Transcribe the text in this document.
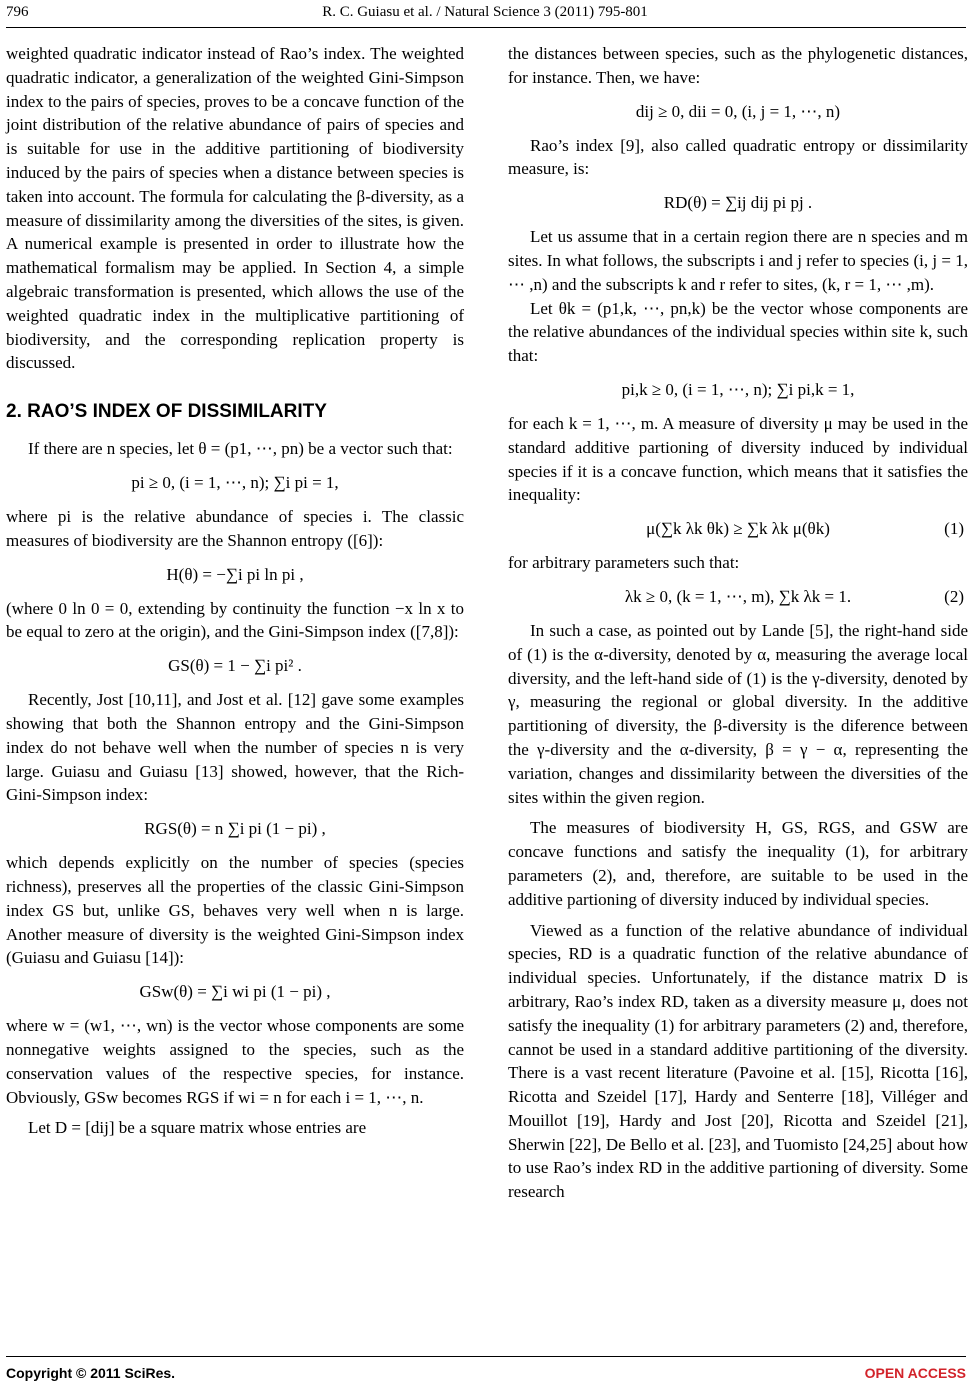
796	R. C. Guiasu et al. / Natural Science 3 (2011) 795-801

weighted quadratic indicator instead of Rao’s index. The weighted quadratic indicator, a generalization of the weighted Gini-Simpson index to the pairs of species, proves to be a concave function of the joint distribution of the relative abundance of pairs of species and is suitable for use in the additive partitioning of biodiversity induced by the pairs of species when a distance between species is taken into account. The formula for calculating the β-diversity, as a measure of dissimilarity among the diversities of the sites, is given. A numerical example is presented in order to illustrate how the mathematical formalism may be applied. In Section 4, a simple algebraic transformation is presented, which allows the use of the weighted quadratic index in the multiplicative partitioning of biodiversity, and the corresponding replication property is discussed.

2. RAO’S INDEX OF DISSIMILARITY

If there are n species, let θ = (p1, ⋯, pn) be a vector such that:

pi ≥ 0, (i = 1, ⋯, n); ∑i pi = 1,

where pi is the relative abundance of species i. The classic measures of biodiversity are the Shannon entropy ([6]):

H(θ) = −∑i pi ln pi ,

(where 0 ln 0 = 0, extending by continuity the function −x ln x to be equal to zero at the origin), and the Gini-Simpson index ([7,8]):

GS(θ) = 1 − ∑i pi² .

Recently, Jost [10,11], and Jost et al. [12] gave some examples showing that both the Shannon entropy and the Gini-Simpson index do not behave well when the number of species n is very large. Guiasu and Guiasu [13] showed, however, that the Rich-Gini-Simpson index:

RGS(θ) = n ∑i pi (1 − pi) ,

which depends explicitly on the number of species (species richness), preserves all the properties of the classic Gini-Simpson index GS but, unlike GS, behaves very well when n is large. Another measure of diversity is the weighted Gini-Simpson index (Guiasu and Guiasu [14]):

GSw(θ) = ∑i wi pi (1 − pi) ,

where w = (w1, ⋯, wn) is the vector whose components are some nonnegative weights assigned to the species, such as the conservation values of the respective species, for instance. Obviously, GSw becomes RGS if wi = n for each i = 1, ⋯, n.

Let D = [dij] be a square matrix whose entries are

the distances between species, such as the phylogenetic distances, for instance. Then, we have:

dij ≥ 0, dii = 0, (i, j = 1, ⋯, n)

Rao’s index [9], also called quadratic entropy or dissimilarity measure, is:

RD(θ) = ∑ij dij pi pj .

Let us assume that in a certain region there are n species and m sites. In what follows, the subscripts i and j refer to species (i, j = 1, ⋯ ,n) and the subscripts k and r refer to sites, (k, r = 1, ⋯ ,m).

Let θk = (p1,k, ⋯, pn,k) be the vector whose components are the relative abundances of the individual species within site k, such that:

pi,k ≥ 0, (i = 1, ⋯, n); ∑i pi,k = 1,

for each k = 1, ⋯, m. A measure of diversity μ may be used in the standard additive partioning of diversity induced by individual species if it is a concave function, which means that it satisfies the inequality:

μ(∑k λk θk) ≥ ∑k λk μ(θk)	(1)

for arbitrary parameters such that:

λk ≥ 0, (k = 1, ⋯, m), ∑k λk = 1.	(2)

In such a case, as pointed out by Lande [5], the right-hand side of (1) is the α-diversity, denoted by α, measuring the average local diversity, and the left-hand side of (1) is the γ-diversity, denoted by γ, measuring the regional or global diversity. In the additive partitioning of diversity, the β-diversity is the diference between the γ-diversity and the α-diversity, β = γ − α, representing the variation, changes and dissimilarity between the diversities of the sites within the given region.

The measures of biodiversity H, GS, RGS, and GSW are concave functions and satisfy the inequality (1), for arbitrary parameters (2), and, therefore, are suitable to be used in the additive partioning of diversity induced by individual species.

Viewed as a function of the relative abundance of individual species, RD is a quadratic function of the relative abundance of individual species. Unfortunately, if the distance matrix D is arbitrary, Rao’s index RD, taken as a diversity measure μ, does not satisfy the inequality (1) for arbitrary parameters (2) and, therefore, cannot be used in a standard additive partitioning of the diversity. There is a vast recent literature (Pavoine et al. [15], Ricotta [16], Ricotta and Szeidel [17], Hardy and Senterre [18], Villéger and Mouillot [19], Hardy and Jost [20], Ricotta and Szeidel [21], Sherwin [22], De Bello et al. [23], and Tuomisto [24,25] about how to use Rao’s index RD in the additive partioning of diversity. Some research

Copyright © 2011 SciRes.	OPEN ACCESS
